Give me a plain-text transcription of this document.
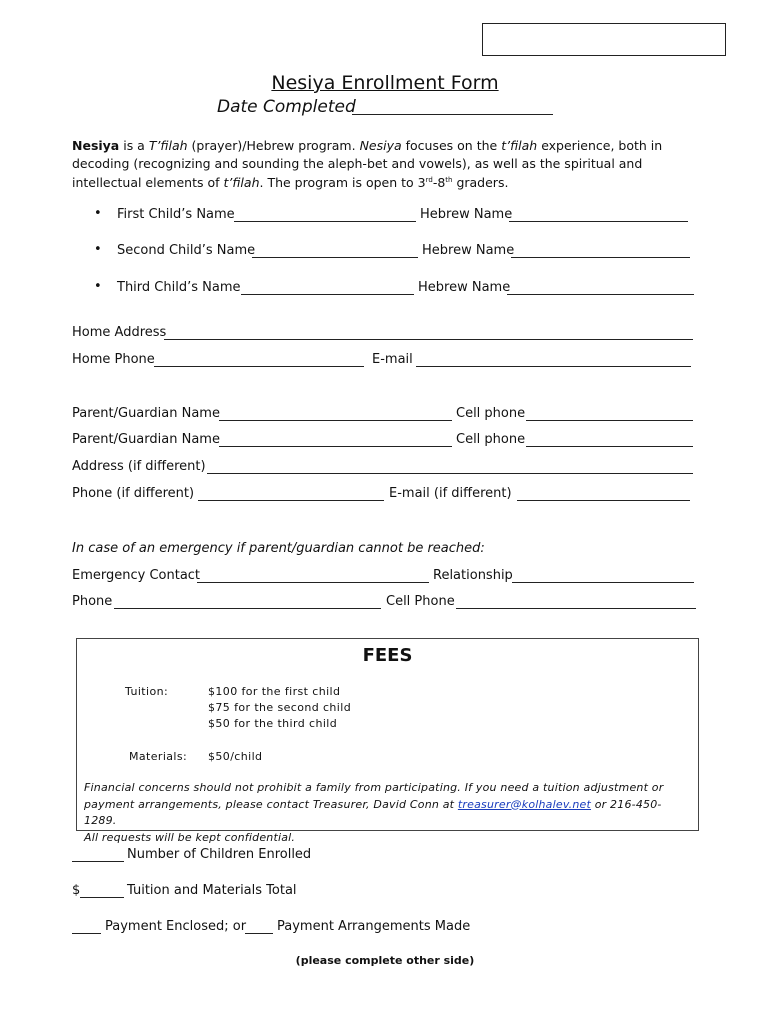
Nesiya Enrollment Form
Date Completed
Nesiya is a T’filah (prayer)/Hebrew program. Nesiya focuses on the t’filah experience, both in decoding (recognizing and sounding the aleph-bet and vowels), as well as the spiritual and intellectual elements of t’filah. The program is open to 3rd-8th graders.
• First Child’s Name	Hebrew Name
• Second Child’s Name	Hebrew Name
• Third Child’s Name	Hebrew Name
Home Address
Home Phone	E-mail
Parent/Guardian Name	Cell phone
Parent/Guardian Name	Cell phone
Address (if different)
Phone (if different)	E-mail (if different)
In case of an emergency if parent/guardian cannot be reached:
Emergency Contact	Relationship
Phone	Cell Phone
FEES
Tuition:	$100 for the first child
$75 for the second child
$50 for the third child
Materials: $50/child
Financial concerns should not prohibit a family from participating. If you need a tuition adjustment or payment arrangements, please contact Treasurer, David Conn at treasurer@kolhalev.net or 216-450-1289.
All requests will be kept confidential.
Number of Children Enrolled
$	Tuition and Materials Total
Payment Enclosed; or Payment Arrangements Made
(please complete other side)
